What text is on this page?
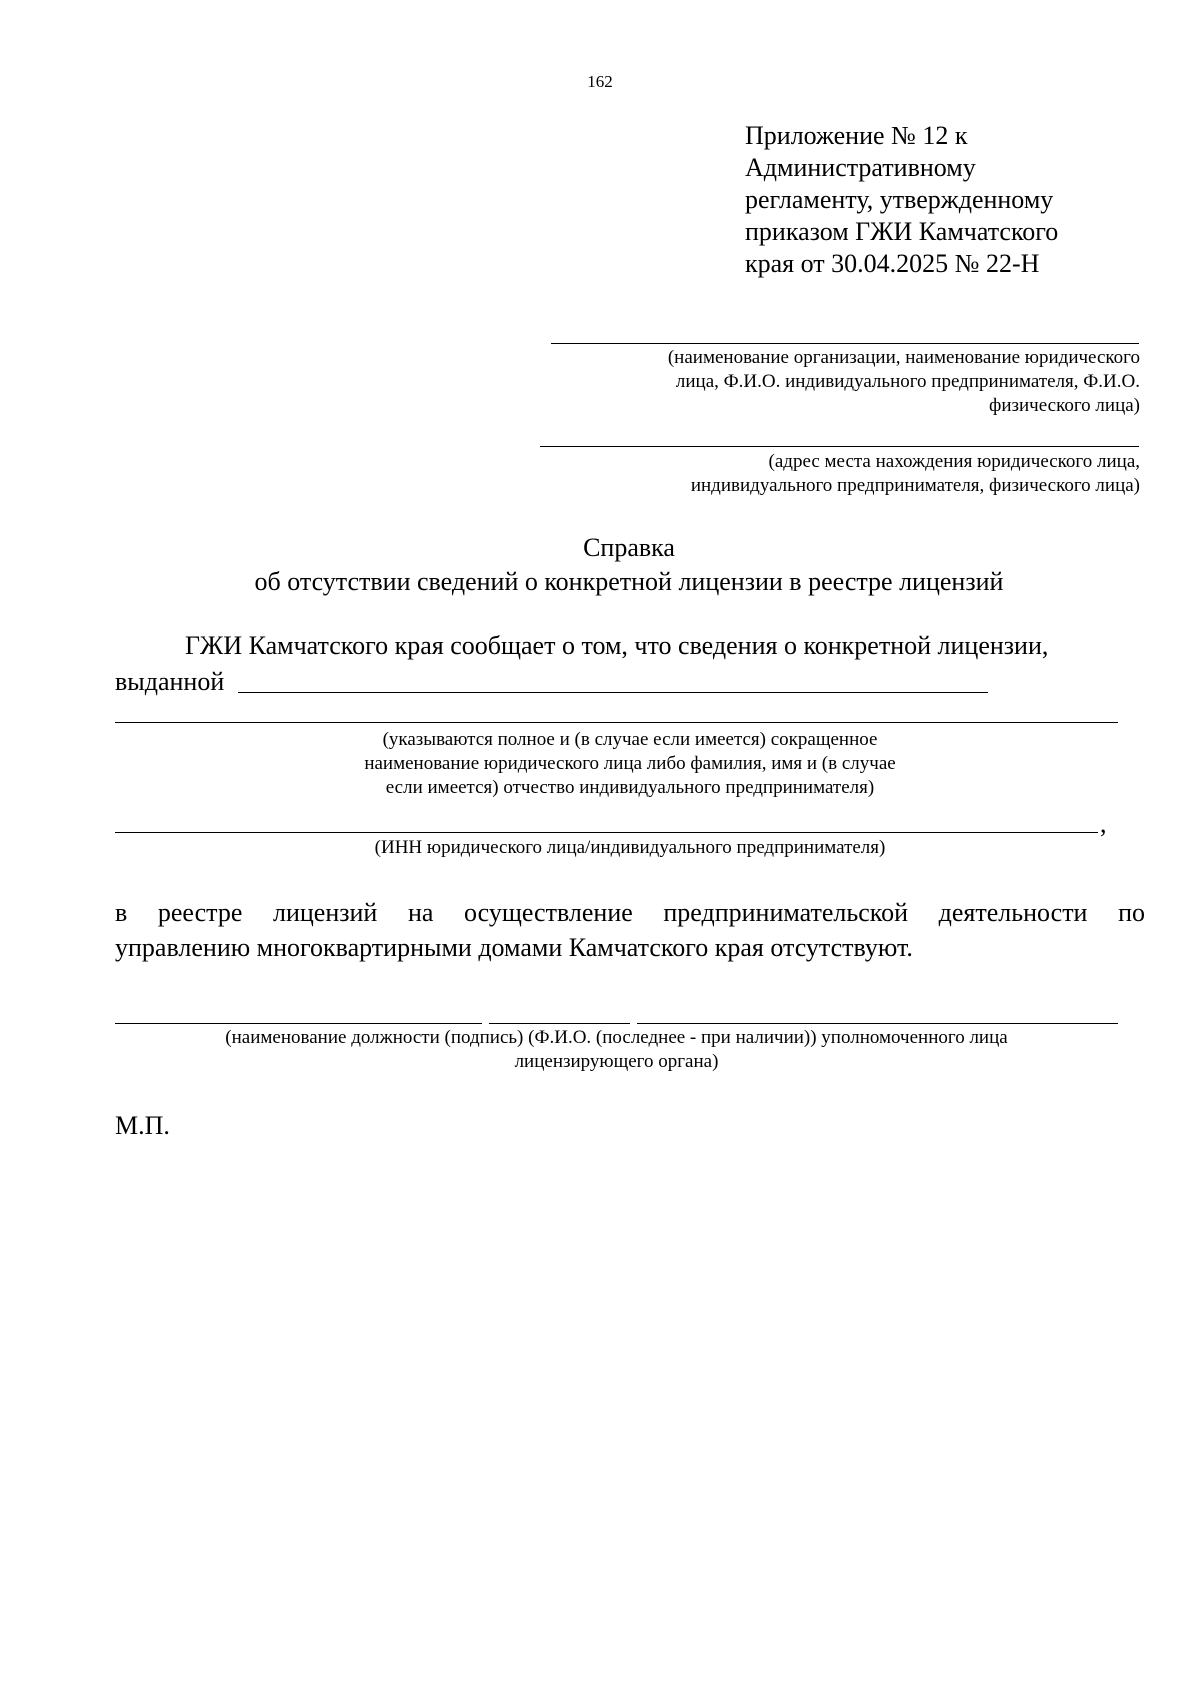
162
Приложение № 12 к
Административному
регламенту, утвержденному
приказом ГЖИ Камчатского
края от 30.04.2025 № 22-Н
(наименование организации, наименование юридического
лица, Ф.И.О. индивидуального предпринимателя, Ф.И.О.
физического лица)
(адрес места нахождения юридического лица,
индивидуального предпринимателя, физического лица)
Справка
об отсутствии сведений о конкретной лицензии в реестре лицензий
ГЖИ Камчатского края сообщает о том, что сведения о конкретной лицензии,
выданной
(указываются полное и (в случае если имеется) сокращенное
наименование юридического лица либо фамилия, имя и (в случае
если имеется) отчество индивидуального предпринимателя)
,
(ИНН юридического лица/индивидуального предпринимателя)
в реестре лицензий на осуществление предпринимательской деятельности по
управлению многоквартирными домами Камчатского края отсутствуют.
(наименование должности (подпись) (Ф.И.О. (последнее - при наличии)) уполномоченного лица
лицензирующего органа)
М.П.
